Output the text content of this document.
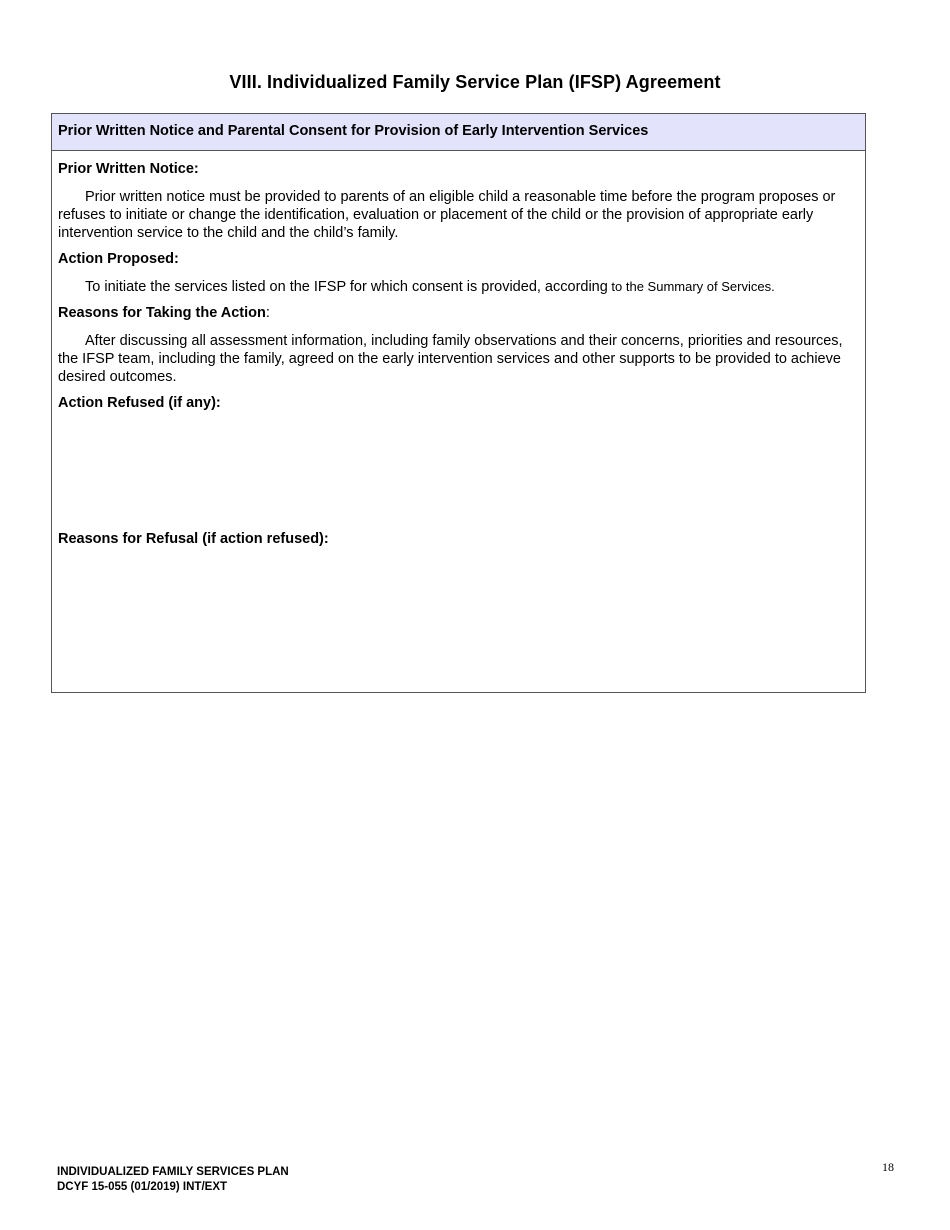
VIII. Individualized Family Service Plan (IFSP) Agreement
Prior Written Notice and Parental Consent for Provision of Early Intervention Services

Prior Written Notice:

Prior written notice must be provided to parents of an eligible child a reasonable time before the program proposes or refuses to initiate or change the identification, evaluation or placement of the child or the provision of appropriate early intervention service to the child and the child’s family.

Action Proposed:

To initiate the services listed on the IFSP for which consent is provided, according to the Summary of Services.

Reasons for Taking the Action:

After discussing all assessment information, including family observations and their concerns, priorities and resources, the IFSP team, including the family, agreed on the early intervention services and other supports to be provided to achieve desired outcomes.

Action Refused (if any):

Reasons for Refusal (if action refused):

INDIVIDUALIZED FAMILY SERVICES PLAN
DCYF 15-055 (01/2019) INT/EXT
18
